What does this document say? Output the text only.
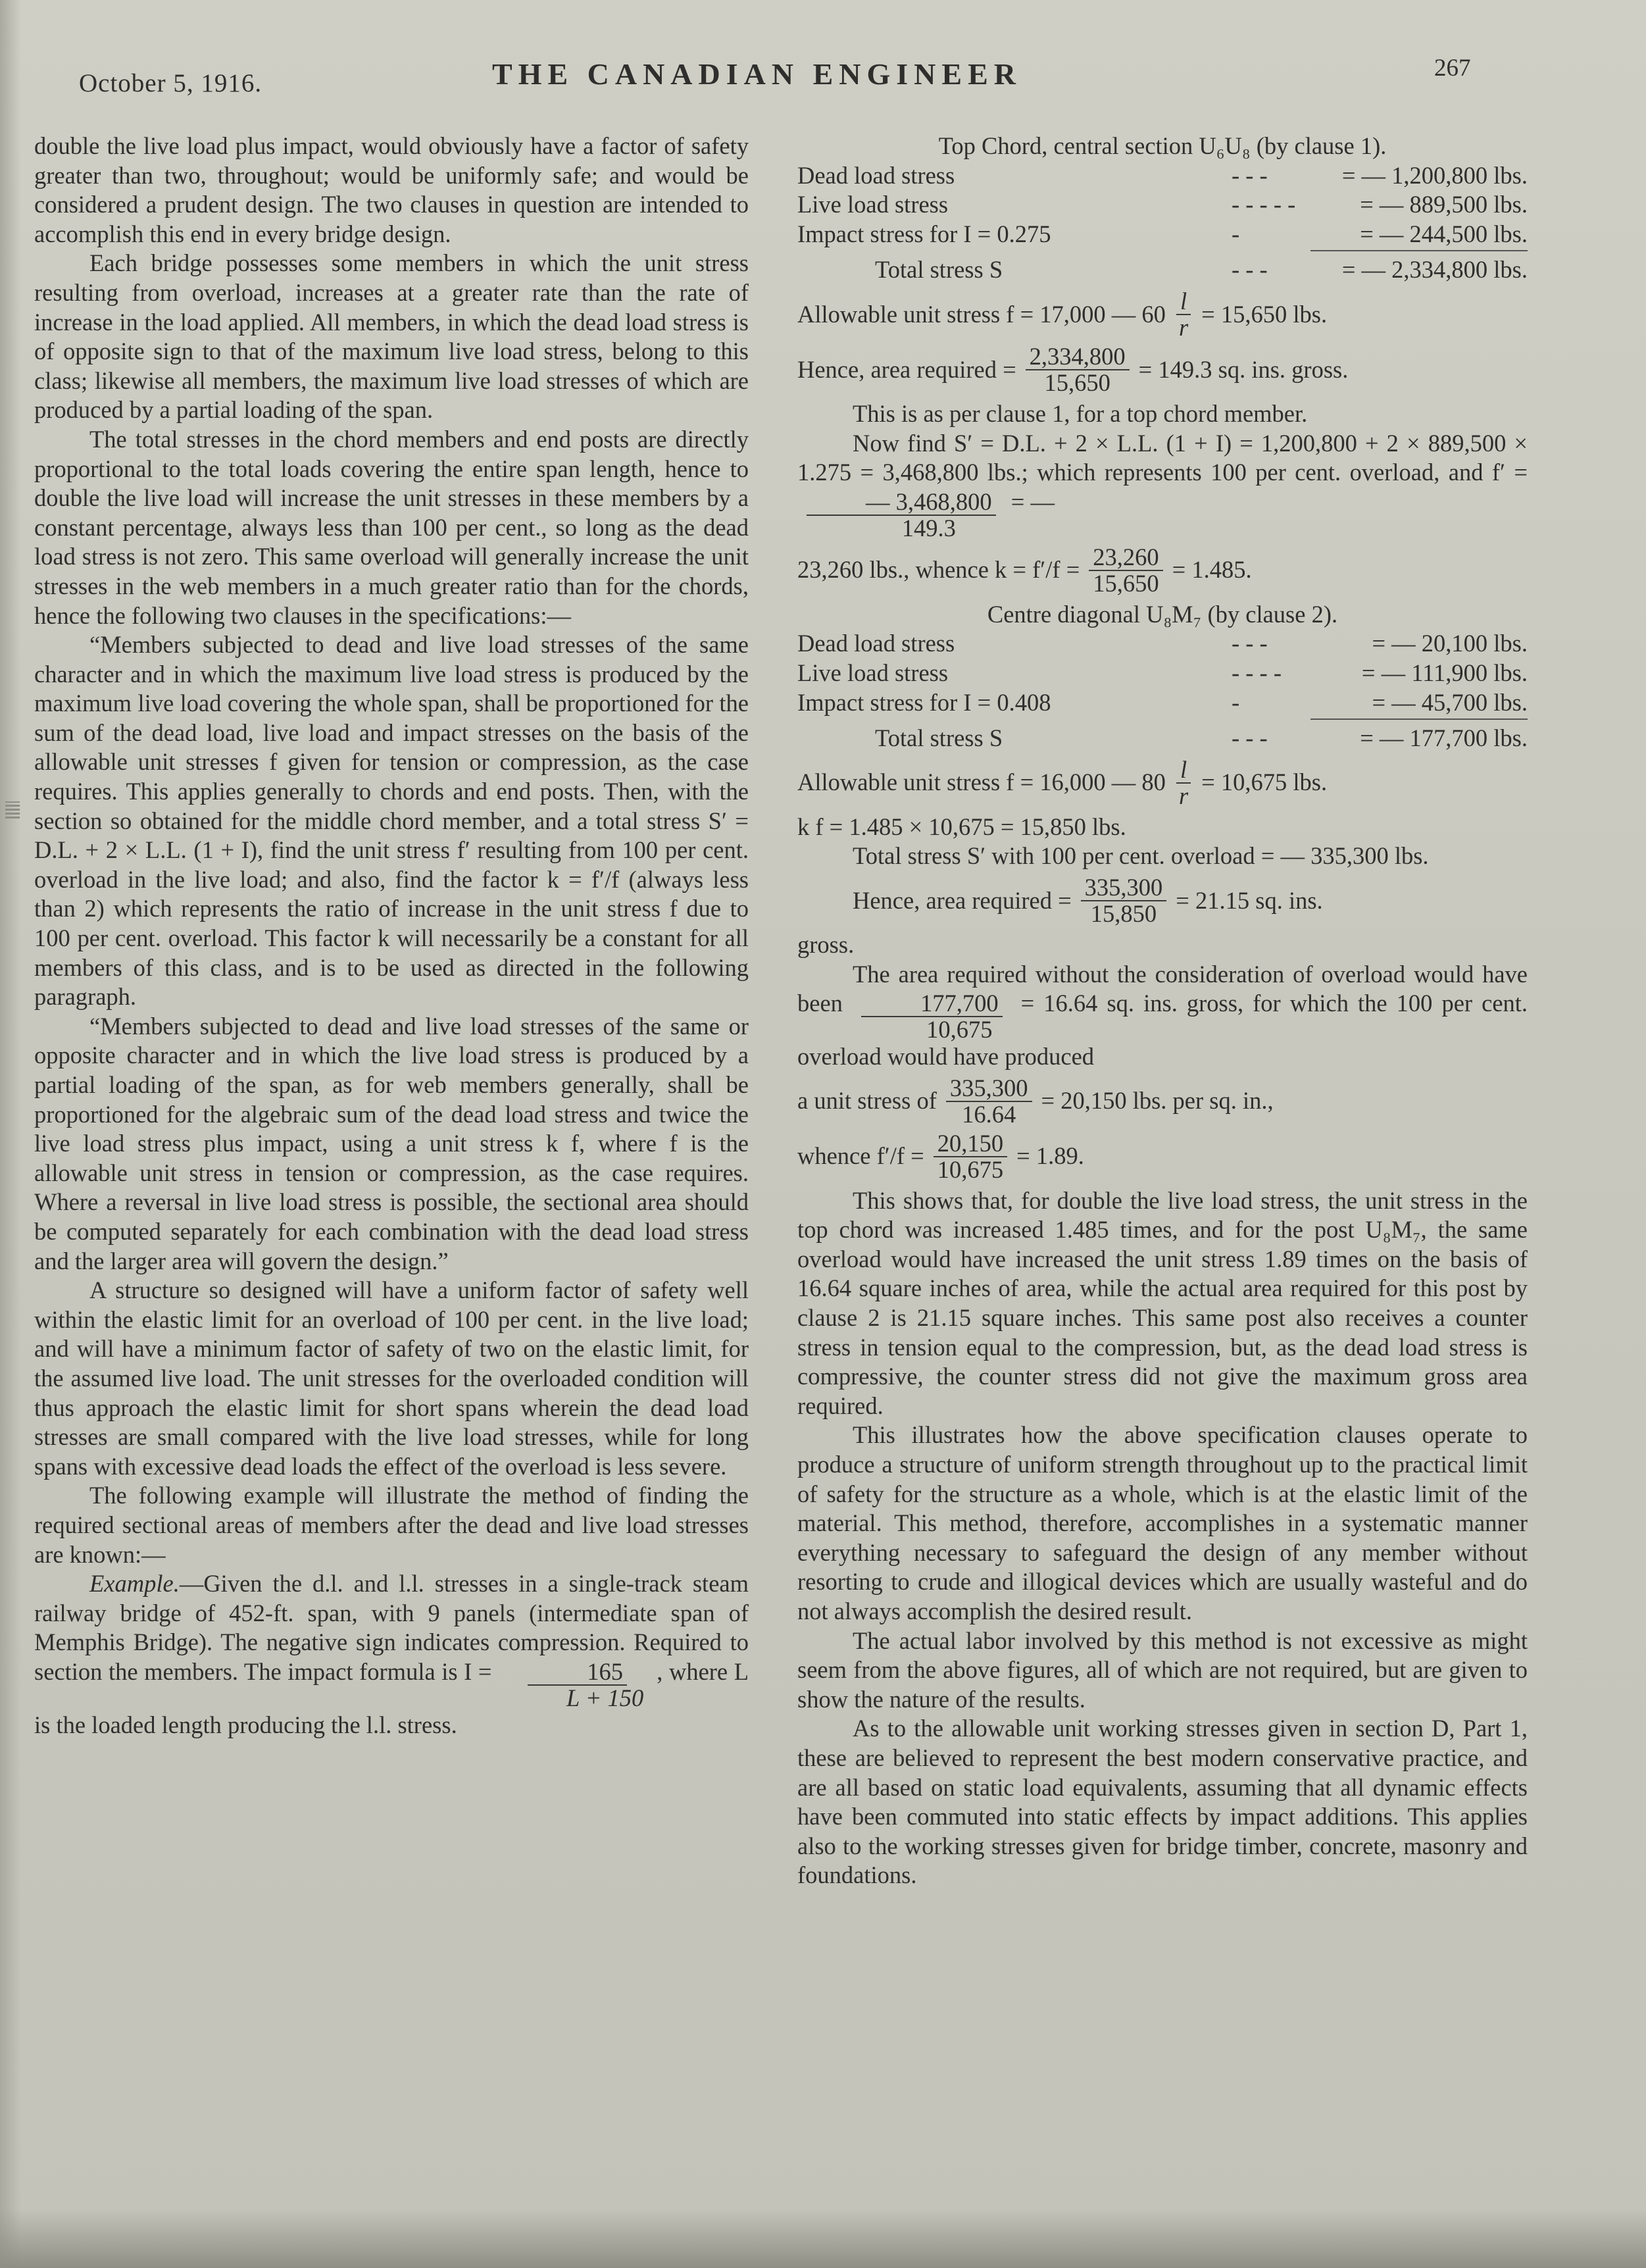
October 5, 1916.	THE CANADIAN ENGINEER	267

double the live load plus impact, would obviously have a factor of safety greater than two, throughout; would be uniformly safe; and would be considered a prudent design. The two clauses in question are intended to accomplish this end in every bridge design.

Each bridge possesses some members in which the unit stress resulting from overload, increases at a greater rate than the rate of increase in the load applied. All members, in which the dead load stress is of opposite sign to that of the maximum live load stress, belong to this class; likewise all members, the maximum live load stresses of which are produced by a partial loading of the span.

The total stresses in the chord members and end posts are directly proportional to the total loads covering the entire span length, hence to double the live load will increase the unit stresses in these members by a constant percentage, always less than 100 per cent., so long as the dead load stress is not zero. This same overload will generally increase the unit stresses in the web members in a much greater ratio than for the chords, hence the following two clauses in the specifications:—

“Members subjected to dead and live load stresses of the same character and in which the maximum live load stress is produced by the maximum live load covering the whole span, shall be proportioned for the sum of the dead load, live load and impact stresses on the basis of the allowable unit stresses f given for tension or compression, as the case requires. This applies generally to chords and end posts. Then, with the section so obtained for the middle chord member, and a total stress S′ = D.L. + 2 × L.L. (1 + I), find the unit stress f′ resulting from 100 per cent. overload in the live load; and also, find the factor k = f′/f (always less than 2) which represents the ratio of increase in the unit stress f due to 100 per cent. overload. This factor k will necessarily be a constant for all members of this class, and is to be used as directed in the following paragraph.

“Members subjected to dead and live load stresses of the same or opposite character and in which the live load stress is produced by a partial loading of the span, as for web members generally, shall be proportioned for the algebraic sum of the dead load stress and twice the live load stress plus impact, using a unit stress k f, where f is the allowable unit stress in tension or compression, as the case requires. Where a reversal in live load stress is possible, the sectional area should be computed separately for each combination with the dead load stress and the larger area will govern the design.”

A structure so designed will have a uniform factor of safety well within the elastic limit for an overload of 100 per cent. in the live load; and will have a minimum factor of safety of two on the elastic limit, for the assumed live load. The unit stresses for the overloaded condition will thus approach the elastic limit for short spans wherein the dead load stresses are small compared with the live load stresses, while for long spans with excessive dead loads the effect of the overload is less severe.

The following example will illustrate the method of finding the required sectional areas of members after the dead and live load stresses are known:—

Example.—Given the d.l. and l.l. stresses in a single-track steam railway bridge of 452-ft. span, with 9 panels (intermediate span of Memphis Bridge). The negative sign indicates compression. Required to section the members. The impact formula is $I = \frac{165}{L + 150}$ , where L is the loaded length producing the l.l. stress.

Top Chord, central section U₆U₈ (by clause 1).

Dead load stress	- - -	= — 1,200,800 lbs.
Live load stress	- - - - -	= — 889,500 lbs.
Impact stress for I = 0.275	-	= — 244,500 lbs.
Total stress S	- - -	= — 2,334,800 lbs.
Allowable unit stress f = 17,000 — $60 \frac{l}{r} = 15,650$ lbs.
Hence, area required = $\frac{2,334,800}{15,650} = 149.3$ sq. ins. gross.

This is as per clause 1, for a top chord member.

Now find S′ = D.L. + 2 × L.L. (1 + I) = 1,200,800 + 2 × 889,500 × 1.275 = 3,468,800 lbs.; which represents 100 per cent. overload, and f′ =
$\frac{— 3,468,800}{149.3}$ = —

23,260 lbs., whence $k = f'/f = \frac{23,260}{15,650} = 1.485$.

Centre diagonal U₈M₇ (by clause 2).

Dead load stress	- - -	= — 20,100 lbs.
Live load stress	- - - -	= — 111,900 lbs.
Impact stress for I = 0.408	-	= — 45,700 lbs.
Total stress S	- - -	= — 177,700 lbs.
Allowable unit stress f = 16,000 — $80 \frac{l}{r} = 10,675$ lbs.

k f = 1.485 × 10,675 = 15,850 lbs.

Total stress S′ with 100 per cent. overload = — 335,300 lbs.

Hence, area required = $\frac{335,300}{15,850} = 21.15$ sq. ins.

gross.

The area required without the consideration of overload would have been $\frac{177,700}{10,675} = 16.64$ sq. ins. gross, for which the 100 per cent. overload would have produced

a unit stress of $\frac{335,300}{16.64} = 20,150$ lbs. per sq. in.,
whence $f'/f = \frac{20,150}{10,675} = 1.89$.

This shows that, for double the live load stress, the unit stress in the top chord was increased 1.485 times, and for the post U₈M₇, the same overload would have increased the unit stress 1.89 times on the basis of 16.64 square inches of area, while the actual area required for this post by clause 2 is 21.15 square inches. This same post also receives a counter stress in tension equal to the compression, but, as the dead load stress is compressive, the counter stress did not give the maximum gross area required.

This illustrates how the above specification clauses operate to produce a structure of uniform strength throughout up to the practical limit of safety for the structure as a whole, which is at the elastic limit of the material. This method, therefore, accomplishes in a systematic manner everything necessary to safeguard the design of any member without resorting to crude and illogical devices which are usually wasteful and do not always accomplish the desired result.

The actual labor involved by this method is not excessive as might seem from the above figures, all of which are not required, but are given to show the nature of the results.

As to the allowable unit working stresses given in section D, Part 1, these are believed to represent the best modern conservative practice, and are all based on static load equivalents, assuming that all dynamic effects have been commuted into static effects by impact additions. This applies also to the working stresses given for bridge timber, concrete, masonry and foundations.
